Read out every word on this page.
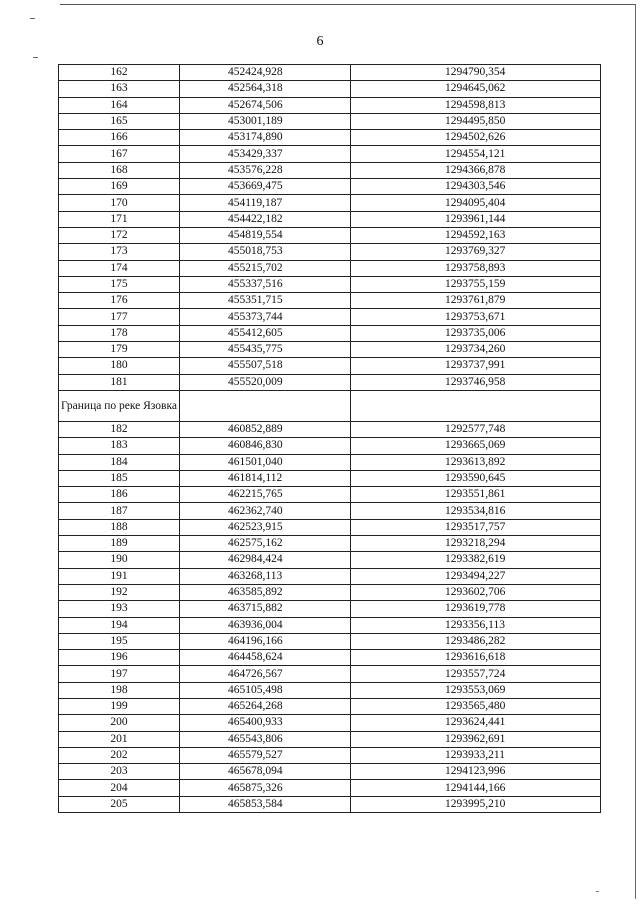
6
162	452424,928	1294790,354
163	452564,318	1294645,062
164	452674,506	1294598,813
165	453001,189	1294495,850
166	453174,890	1294502,626
167	453429,337	1294554,121
168	453576,228	1294366,878
169	453669,475	1294303,546
170	454119,187	1294095,404
171	454422,182	1293961,144
172	454819,554	1294592,163
173	455018,753	1293769,327
174	455215,702	1293758,893
175	455337,516	1293755,159
176	455351,715	1293761,879
177	455373,744	1293753,671
178	455412,605	1293735,006
179	455435,775	1293734,260
180	455507,518	1293737,991
181	455520,009	1293746,958
Граница по реке Язовка		
182	460852,889	1292577,748
183	460846,830	1293665,069
184	461501,040	1293613,892
185	461814,112	1293590,645
186	462215,765	1293551,861
187	462362,740	1293534,816
188	462523,915	1293517,757
189	462575,162	1293218,294
190	462984,424	1293382,619
191	463268,113	1293494,227
192	463585,892	1293602,706
193	463715,882	1293619,778
194	463936,004	1293356,113
195	464196,166	1293486,282
196	464458,624	1293616,618
197	464726,567	1293557,724
198	465105,498	1293553,069
199	465264,268	1293565,480
200	465400,933	1293624,441
201	465543,806	1293962,691
202	465579,527	1293933,211
203	465678,094	1294123,996
204	465875,326	1294144,166
205	465853,584	1293995,210
